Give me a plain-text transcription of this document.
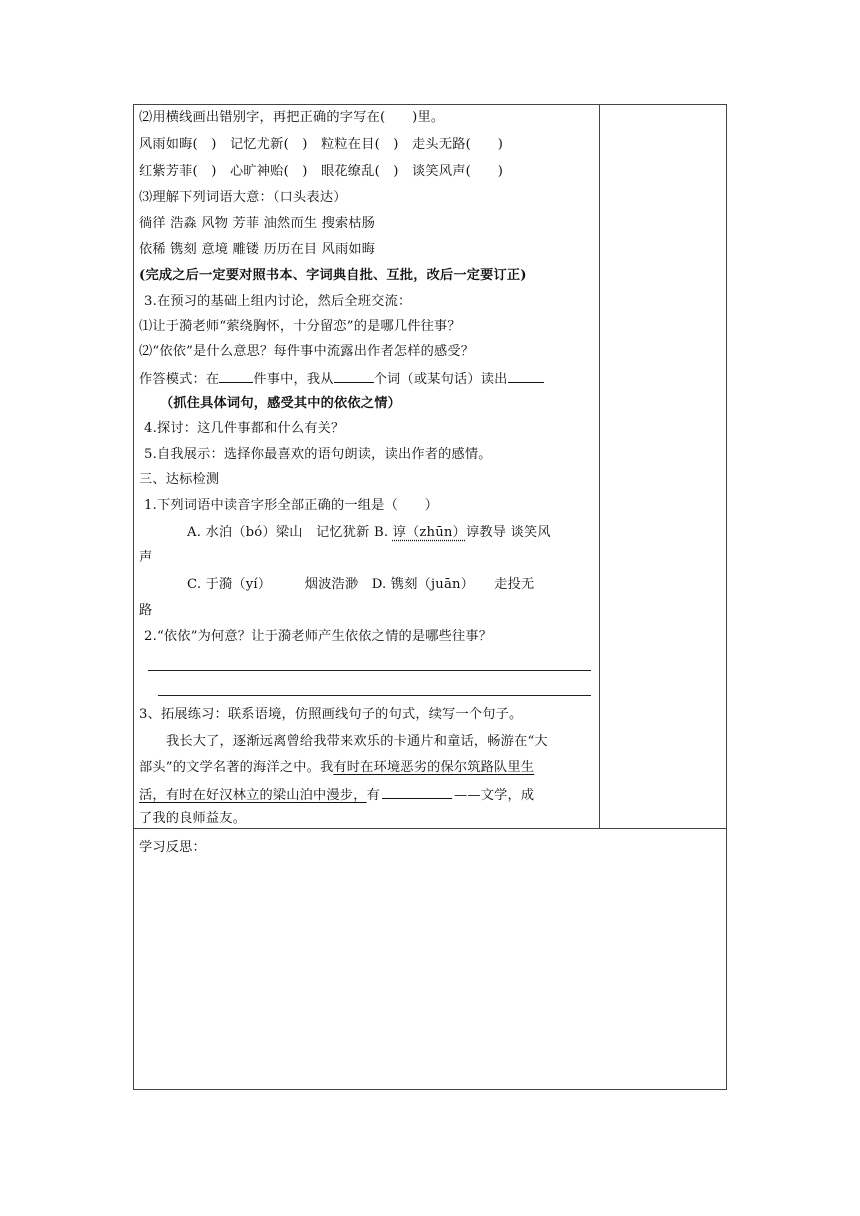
⑵用横线画出错别字，再把正确的字写在(　　)里。
风雨如晦(　)　记忆尤新(　)　粒粒在目(　)　走头无路(　　)
红紫芳菲(　)　心旷神贻(　)　眼花缭乱(　)　谈笑风声(　　)
⑶理解下列词语大意：（口头表达）
徜徉 浩淼 风物 芳菲 油然而生 搜索枯肠
依稀 镌刻 意境 雕镂 历历在目 风雨如晦
(完成之后一定要对照书本、字词典自批、互批，改后一定要订正)
3.在预习的基础上组内讨论，然后全班交流：
⑴让于漪老师“萦绕胸怀，十分留恋”的是哪几件往事？
⑵“依依”是什么意思？每件事中流露出作者怎样的感受？
作答模式：在	件事中，我从	个词（或某句话）读出
（抓住具体词句，感受其中的依依之情）
4.探讨：这几件事都和什么有关？
5.自我展示：选择你最喜欢的语句朗读，读出作者的感情。
三、达标检测
1.下列词语中读音字形全部正确的一组是（　　）
A. 水泊（bó）梁山　记忆犹新 B. 谆（zhūn）谆教导 谈笑风
声
C. 于漪（yí）　　　烟波浩渺　D. 镌刻（juān）　　走投无
路
2.“依依”为何意？让于漪老师产生依依之情的是哪些往事？
3、拓展练习：联系语境，仿照画线句子的句式，续写一个句子。
我长大了，逐渐远离曾给我带来欢乐的卡通片和童话，畅游在“大
部头”的文学名著的海洋之中。我有时在环境恶劣的保尔筑路队里生
活，有时在好汉林立的梁山泊中漫步，有	——文学，成
了我的良师益友。
学习反思：
